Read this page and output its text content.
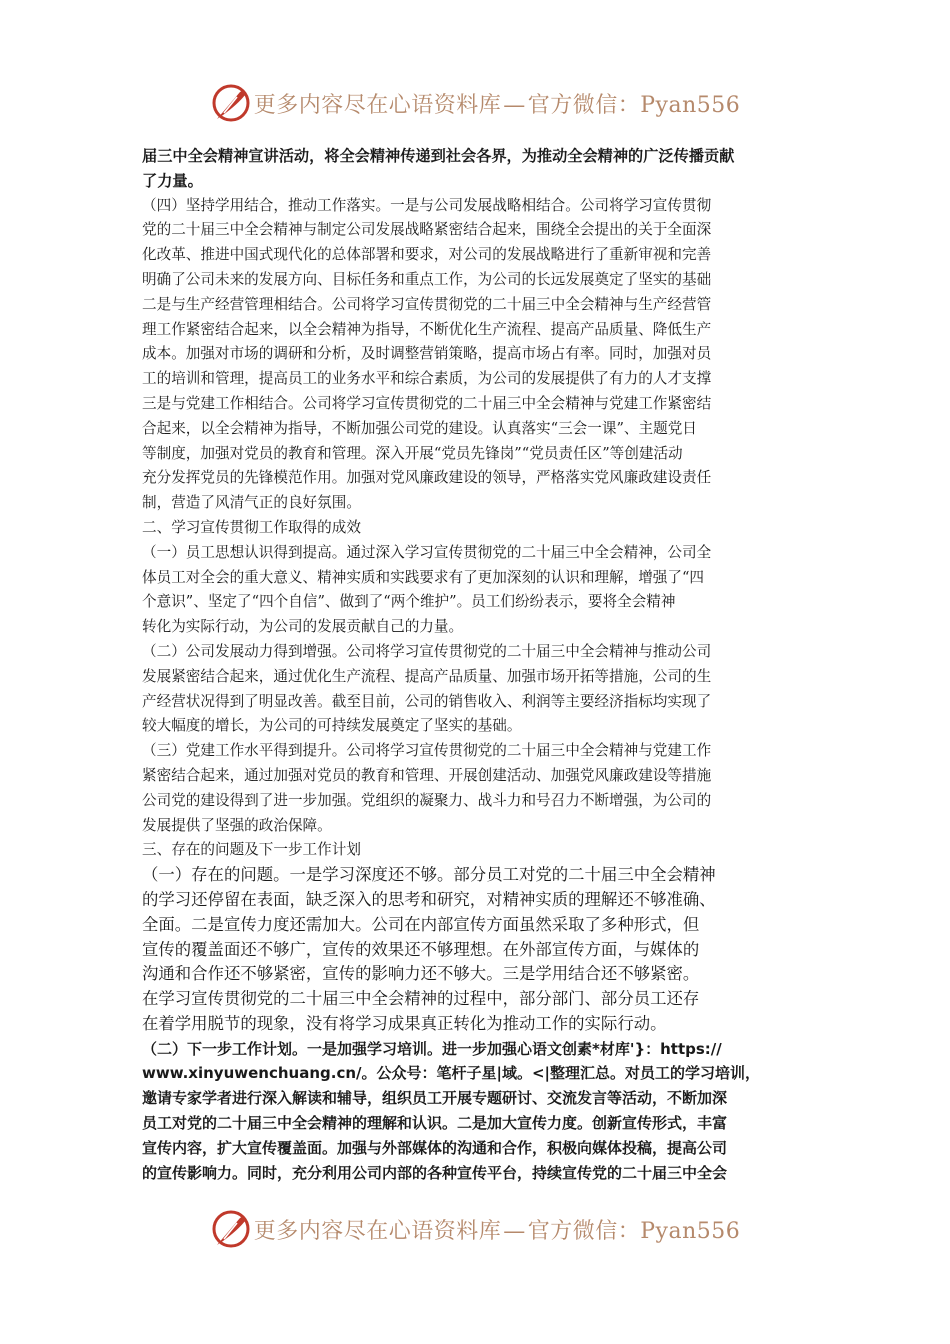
更多内容尽在心语资料库—官方微信：Pyan556

届三中全会精神宣讲活动，将全会精神传递到社会各界，为推动全会精神的广泛传播贡献

了力量。

（四）坚持学用结合，推动工作落实。一是与公司发展战略相结合。公司将学习宣传贯彻

党的二十届三中全会精神与制定公司发展战略紧密结合起来，围绕全会提出的关于全面深

化改革、推进中国式现代化的总体部署和要求，对公司的发展战略进行了重新审视和完善

明确了公司未来的发展方向、目标任务和重点工作，为公司的长远发展奠定了坚实的基础

二是与生产经营管理相结合。公司将学习宣传贯彻党的二十届三中全会精神与生产经营管

理工作紧密结合起来，以全会精神为指导，不断优化生产流程、提高产品质量、降低生产

成本。加强对市场的调研和分析，及时调整营销策略，提高市场占有率。同时，加强对员

工的培训和管理，提高员工的业务水平和综合素质，为公司的发展提供了有力的人才支撑

三是与党建工作相结合。公司将学习宣传贯彻党的二十届三中全会精神与党建工作紧密结

合起来，以全会精神为指导，不断加强公司党的建设。认真落实“三会一课”、主题党日

等制度，加强对党员的教育和管理。深入开展“党员先锋岗”“党员责任区”等创建活动

充分发挥党员的先锋模范作用。加强对党风廉政建设的领导，严格落实党风廉政建设责任

制，营造了风清气正的良好氛围。

二、学习宣传贯彻工作取得的成效

（一）员工思想认识得到提高。通过深入学习宣传贯彻党的二十届三中全会精神，公司全

体员工对全会的重大意义、精神实质和实践要求有了更加深刻的认识和理解，增强了“四

个意识”、坚定了“四个自信”、做到了“两个维护”。员工们纷纷表示，要将全会精神

转化为实际行动，为公司的发展贡献自己的力量。

（二）公司发展动力得到增强。公司将学习宣传贯彻党的二十届三中全会精神与推动公司

发展紧密结合起来，通过优化生产流程、提高产品质量、加强市场开拓等措施，公司的生

产经营状况得到了明显改善。截至目前，公司的销售收入、利润等主要经济指标均实现了

较大幅度的增长，为公司的可持续发展奠定了坚实的基础。

（三）党建工作水平得到提升。公司将学习宣传贯彻党的二十届三中全会精神与党建工作

紧密结合起来，通过加强对党员的教育和管理、开展创建活动、加强党风廉政建设等措施

公司党的建设得到了进一步加强。党组织的凝聚力、战斗力和号召力不断增强，为公司的

发展提供了坚强的政治保障。

三、存在的问题及下一步工作计划

（一）存在的问题。一是学习深度还不够。部分员工对党的二十届三中全会精神

的学习还停留在表面，缺乏深入的思考和研究，对精神实质的理解还不够准确、

全面。二是宣传力度还需加大。公司在内部宣传方面虽然采取了多种形式，但

宣传的覆盖面还不够广，宣传的效果还不够理想。在外部宣传方面，与媒体的

沟通和合作还不够紧密，宣传的影响力还不够大。三是学用结合还不够紧密。

在学习宣传贯彻党的二十届三中全会精神的过程中，部分部门、部分员工还存

在着学用脱节的现象，没有将学习成果真正转化为推动工作的实际行动。

（二）下一步工作计划。一是加强学习培训。进一步加强心语文创素*材库'}：https://

www.xinyuwenchuang.cn/。公众号：笔杆子星|域。<|整理汇总。对员工的学习培训，

邀请专家学者进行深入解读和辅导，组织员工开展专题研讨、交流发言等活动，不断加深

员工对党的二十届三中全会精神的理解和认识。二是加大宣传力度。创新宣传形式，丰富

宣传内容，扩大宣传覆盖面。加强与外部媒体的沟通和合作，积极向媒体投稿，提高公司

的宣传影响力。同时，充分利用公司内部的各种宣传平台，持续宣传党的二十届三中全会

更多内容尽在心语资料库—官方微信：Pyan556
